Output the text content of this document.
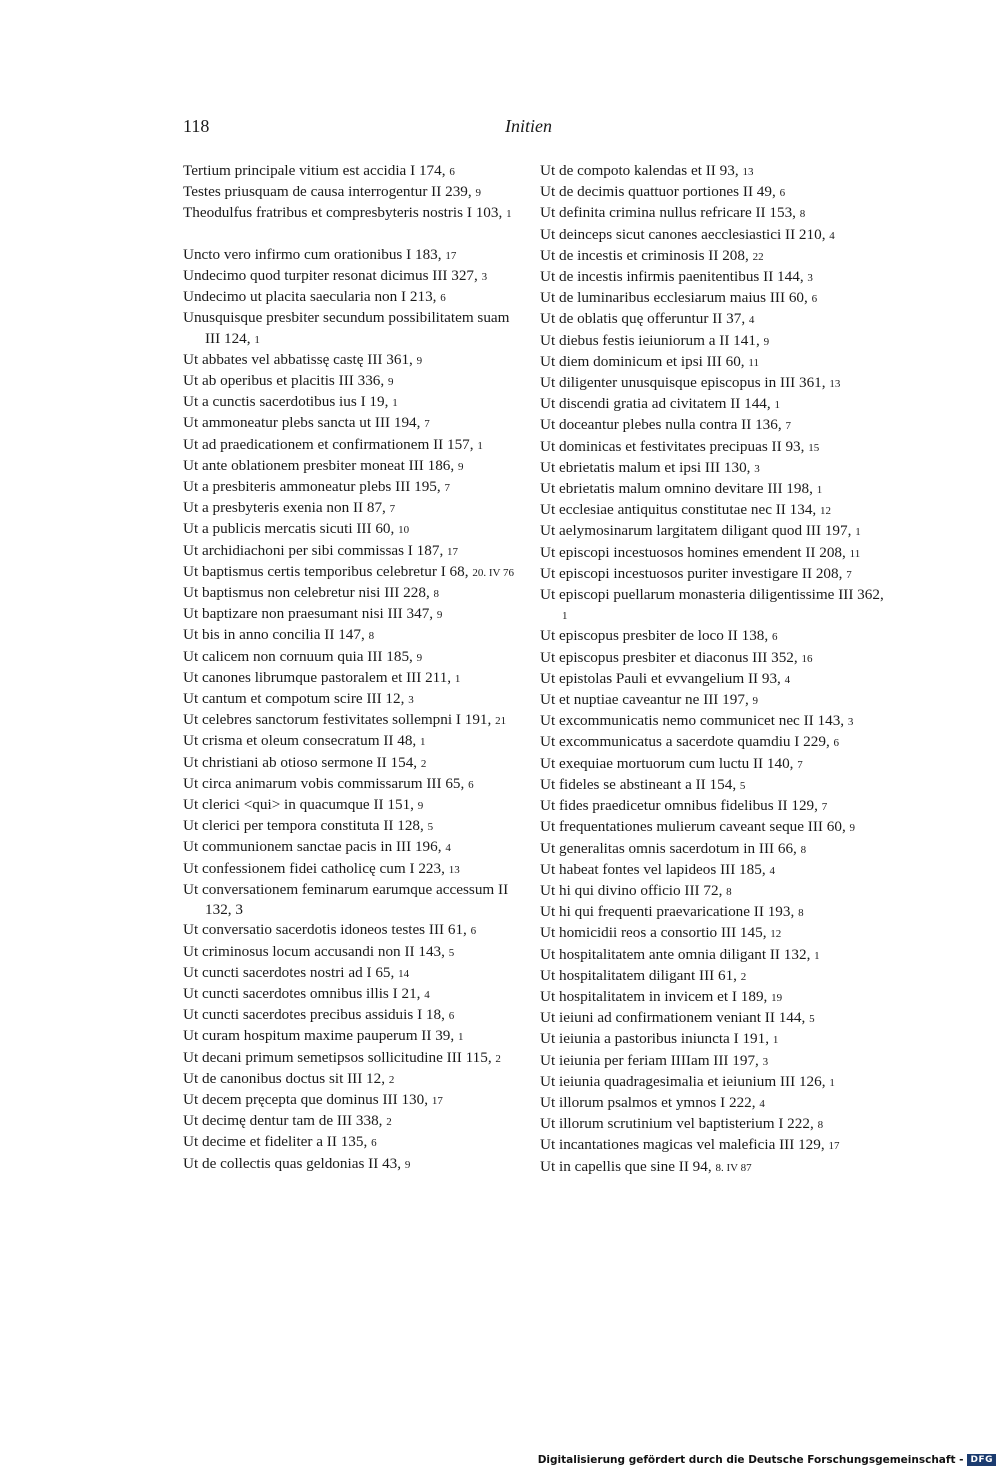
118	Initien
Tertium principale vitium est accidia I 174, 6
Testes priusquam de causa interrogentur II 239, 9
Theodulfus fratribus et compresbyteris nostris I 103, 1
Uncto vero infirmo cum orationibus I 183, 17
Undecimo quod turpiter resonat dicimus III 327, 3
Undecimo ut placita saecularia non I 213, 6
Unusquisque presbiter secundum possibilitatem suam III 124, 1
Ut abbates vel abbatissę castę III 361, 9
Ut ab operibus et placitis III 336, 9
Ut a cunctis sacerdotibus ius I 19, 1
Ut ammoneatur plebs sancta ut III 194, 7
Ut ad praedicationem et confirmationem II 157, 1
Ut ante oblationem presbiter moneat III 186, 9
Ut a presbiteris ammoneatur plebs III 195, 7
Ut a presbyteris exenia non II 87, 7
Ut a publicis mercatis sicuti III 60, 10
Ut archidiachoni per sibi commissas I 187, 17
Ut baptismus certis temporibus celebretur I 68, 20. IV 76
Ut baptismus non celebretur nisi III 228, 8
Ut baptizare non praesumant nisi III 347, 9
Ut bis in anno concilia II 147, 8
Ut calicem non cornuum quia III 185, 9
Ut canones librumque pastoralem et III 211, 1
Ut cantum et compotum scire III 12, 3
Ut celebres sanctorum festivitates sollempni I 191, 21
Ut crisma et oleum consecratum II 48, 1
Ut christiani ab otioso sermone II 154, 2
Ut circa animarum vobis commissarum III 65, 6
Ut clerici <qui> in quacumque II 151, 9
Ut clerici per tempora constituta II 128, 5
Ut communionem sanctae pacis in III 196, 4
Ut confessionem fidei catholicę cum I 223, 13
Ut conversationem feminarum earumque accessum II 132, 3
Ut conversatio sacerdotis idoneos testes III 61, 6
Ut criminosus locum accusandi non II 143, 5
Ut cuncti sacerdotes nostri ad I 65, 14
Ut cuncti sacerdotes omnibus illis I 21, 4
Ut cuncti sacerdotes precibus assiduis I 18, 6
Ut curam hospitum maxime pauperum II 39, 1
Ut decani primum semetipsos sollicitudine III 115, 2
Ut de canonibus doctus sit III 12, 2
Ut decem pręcepta que dominus III 130, 17
Ut decimę dentur tam de III 338, 2
Ut decime et fideliter a II 135, 6
Ut de collectis quas geldonias II 43, 9
Ut de compoto kalendas et II 93, 13
Ut de decimis quattuor portiones II 49, 6
Ut definita crimina nullus refricare II 153, 8
Ut deinceps sicut canones aecclesiastici II 210, 4
Ut de incestis et criminosis II 208, 22
Ut de incestis infirmis paenitentibus II 144, 3
Ut de luminaribus ecclesiarum maius III 60, 6
Ut de oblatis quę offeruntur II 37, 4
Ut diebus festis ieiuniorum a II 141, 9
Ut diem dominicum et ipsi III 60, 11
Ut diligenter unusquisque episcopus in III 361, 13
Ut discendi gratia ad civitatem II 144, 1
Ut doceantur plebes nulla contra II 136, 7
Ut dominicas et festivitates precipuas II 93, 15
Ut ebrietatis malum et ipsi III 130, 3
Ut ebrietatis malum omnino devitare III 198, 1
Ut ecclesiae antiquitus constitutae nec II 134, 12
Ut aelymosinarum largitatem diligant quod III 197, 1
Ut episcopi incestuosos homines emendent II 208, 11
Ut episcopi incestuosos puriter investigare II 208, 7
Ut episcopi puellarum monasteria diligentissime III 362, 1
Ut episcopus presbiter de loco II 138, 6
Ut episcopus presbiter et diaconus III 352, 16
Ut epistolas Pauli et evvangelium II 93, 4
Ut et nuptiae caveantur ne III 197, 9
Ut excommunicatis nemo communicet nec II 143, 3
Ut excommunicatus a sacerdote quamdiu I 229, 6
Ut exequiae mortuorum cum luctu II 140, 7
Ut fideles se abstineant a II 154, 5
Ut fides praedicetur omnibus fidelibus II 129, 7
Ut frequentationes mulierum caveant seque III 60, 9
Ut generalitas omnis sacerdotum in III 66, 8
Ut habeat fontes vel lapideos III 185, 4
Ut hi qui divino officio III 72, 8
Ut hi qui frequenti praevaricatione II 193, 8
Ut homicidii reos a consortio III 145, 12
Ut hospitalitatem ante omnia diligant II 132, 1
Ut hospitalitatem diligant III 61, 2
Ut hospitalitatem in invicem et I 189, 19
Ut ieiuni ad confirmationem veniant II 144, 5
Ut ieiunia a pastoribus iniuncta I 191, 1
Ut ieiunia per feriam IIIIam III 197, 3
Ut ieiunia quadragesimalia et ieiunium III 126, 1
Ut illorum psalmos et ymnos I 222, 4
Ut illorum scrutinium vel baptisterium I 222, 8
Ut incantationes magicas vel maleficia III 129, 17
Ut in capellis que sine II 94, 8. IV 87
Digitalisierung gefördert durch die Deutsche Forschungsgemeinschaft - DFG
